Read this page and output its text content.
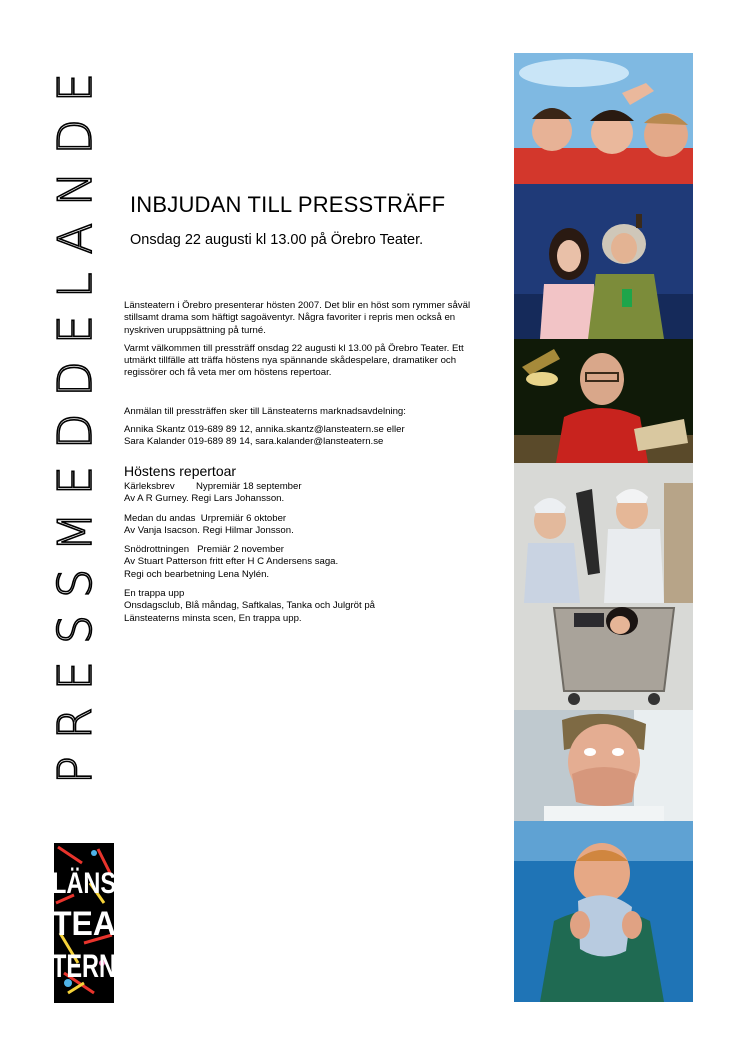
PRESSMEDDELANDE INBJUDAN TILL PRESSTRÄFF
Onsdag 22 augusti kl 13.00 på Örebro Teater.

Länsteatern i Örebro presenterar hösten 2007. Det blir en höst som rymmer såväl stillsamt drama som häftigt sagoäventyr. Några favoriter i repris men också en nyskriven uruppsättning på turné.

Varmt välkommen till pressträff onsdag 22 augusti kl 13.00 på Örebro Teater. Ett utmärkt tillfälle att träffa höstens nya spännande skådespelare, dramatiker och regissörer och få veta mer om höstens repertoar.

Anmälan till pressträffen sker till Länsteaterns marknadsavdelning:

Annika Skantz 019-689 89 12, annika.skantz@lansteatern.se eller
Sara Kalander 019-689 89 14, sara.kalander@lansteatern.se

Höstens repertoar
Kärleksbrev        Nypremiär 18 september
Av A R Gurney. Regi Lars Johansson.
Medan du andas  Urpremiär 6 oktober
Av Vanja Isacson. Regi Hilmar Jonsson.
Snödrottningen   Premiär 2 november
Av Stuart Patterson fritt efter H C Andersens saga.
Regi och bearbetning Lena Nylén.
En trappa upp
Onsdagsclub, Blå måndag, Saftkalas, Tanka och Julgröt på
Länsteaterns minsta scen, En trappa upp.
LÄNS
TEA
TERN
